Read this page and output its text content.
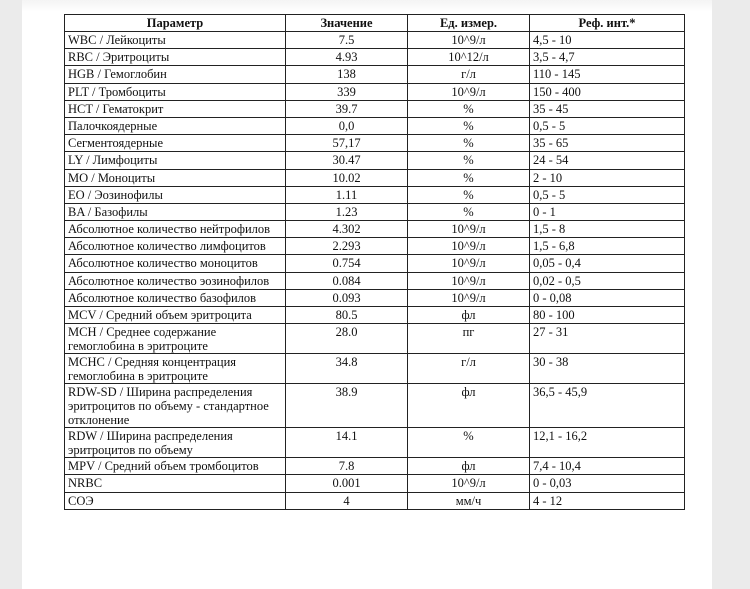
Параметр	Значение	Ед. измер.	Реф. инт.*
WBC / Лейкоциты	7.5	10^9/л	4,5 - 10
RBC / Эритроциты	4.93	10^12/л	3,5 - 4,7
HGB / Гемоглобин	138	г/л	110 - 145
PLT / Тромбоциты	339	10^9/л	150 - 400
HCT / Гематокрит	39.7	%	35 - 45
Палочкоядерные	0,0	%	0,5 - 5
Сегментоядерные	57,17	%	35 - 65
LY / Лимфоциты	30.47	%	24 - 54
MO / Моноциты	10.02	%	2 - 10
EO / Эозинофилы	1.11	%	0,5 - 5
BA / Базофилы	1.23	%	0 - 1
Абсолютное количество нейтрофилов	4.302	10^9/л	1,5 - 8
Абсолютное количество лимфоцитов	2.293	10^9/л	1,5 - 6,8
Абсолютное количество моноцитов	0.754	10^9/л	0,05 - 0,4
Абсолютное количество эозинофилов	0.084	10^9/л	0,02 - 0,5
Абсолютное количество базофилов	0.093	10^9/л	0 - 0,08
MCV / Средний объем эритроцита	80.5	фл	80 - 100
MCH / Среднее содержание гемоглобина в эритроците	28.0	пг	27 - 31
MCHC / Средняя концентрация гемоглобина в эритроците	34.8	г/л	30 - 38
RDW-SD / Ширина распределения эритроцитов по объему - стандартное отклонение	38.9	фл	36,5 - 45,9
RDW / Ширина распределения эритроцитов по объему	14.1	%	12,1 - 16,2
MPV / Средний объем тромбоцитов	7.8	фл	7,4 - 10,4
NRBC	0.001	10^9/л	0 - 0,03
СОЭ	4	мм/ч	4 - 12
